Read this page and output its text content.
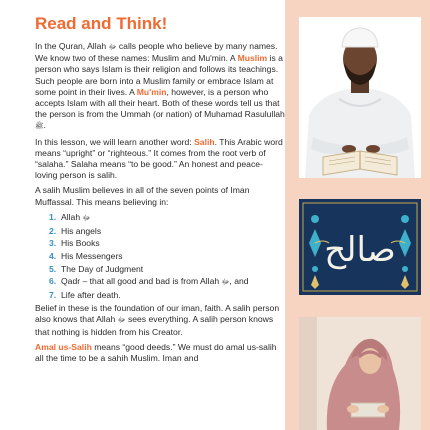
Read and Think!

In the Quran, Allah ﷻ calls people who believe by many names. We know two of these names: Muslim and Mu'min. A Muslim is a person who says Islam is their religion and follows its teachings. Such people are born into a Muslim family or embrace Islam at some point in their lives. A Mu'min, however, is a person who accepts Islam with all their heart. Both of these words tell us that the person is from the Ummah (or nation) of Muhamad Rasulullah ﷺ.

In this lesson, we will learn another word: Salih. This Arabic word means “upright” or “righteous.” It comes from the root verb of “salaha.” Salaha means “to be good.” An honest and peace-loving person is salih.

A salih Muslim believes in all of the seven points of Iman Muffassal. This means believing in:

1. Allah ﷻ
2. His angels
3. His Books
4. His Messengers
5. The Day of Judgment
6. Qadr – that all good and bad is from Allah ﷻ, and
7. Life after death.

Belief in these is the foundation of our iman, faith. A salih person also knows that Allah ﷻ sees everything. A salih person knows that nothing is hidden from his Creator.

Amal us-Salih means “good deeds.” We must do amal us-salih all the time to be a sahih Muslim. Iman and

صالح
